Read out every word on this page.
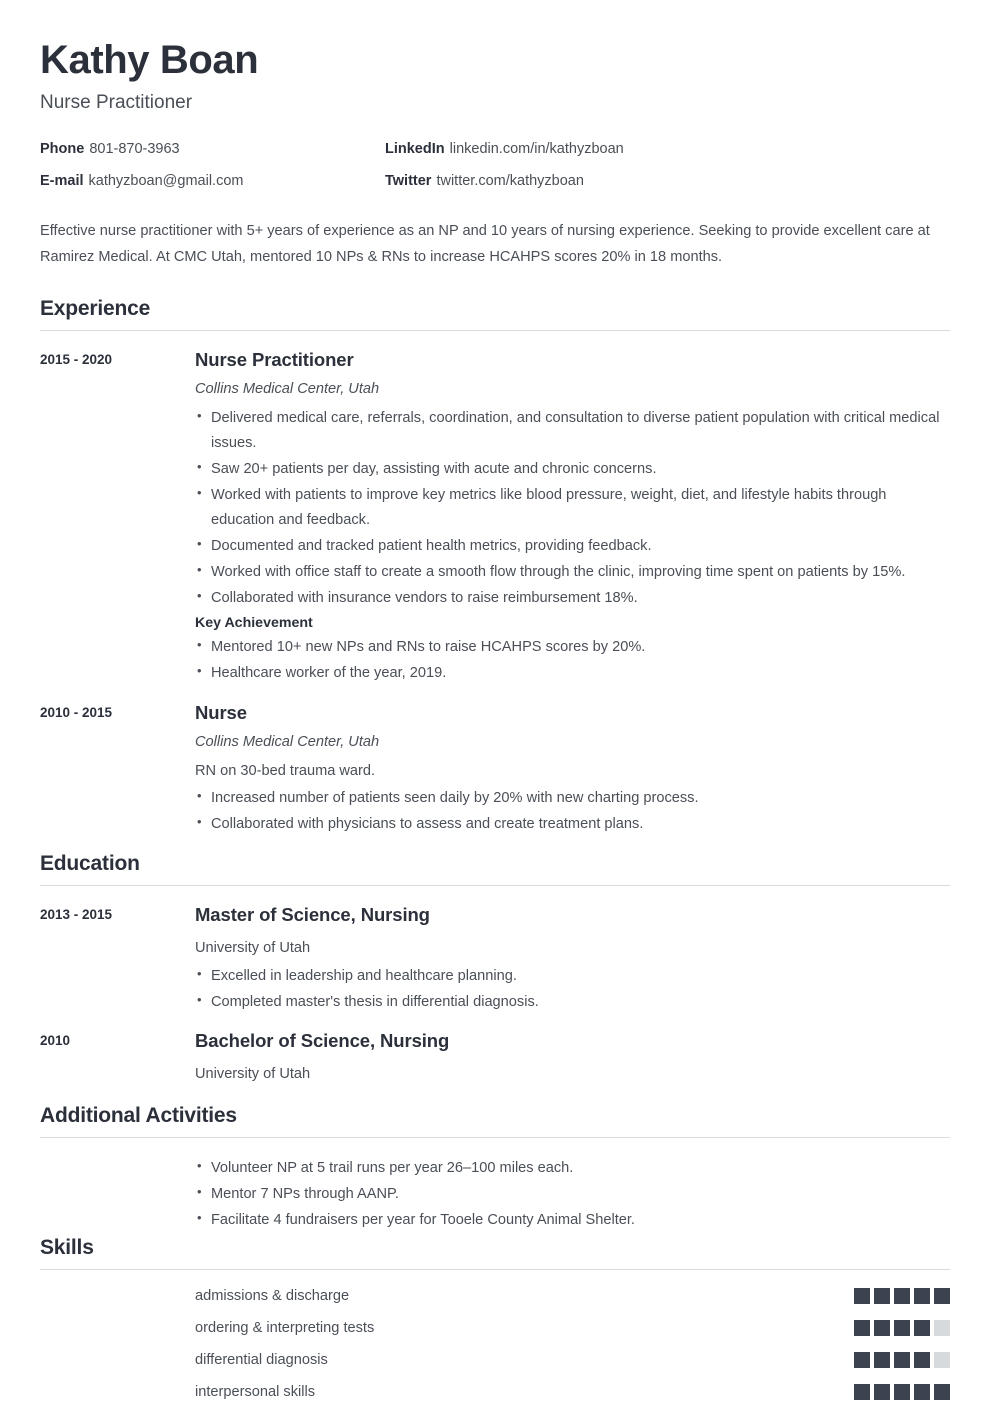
Kathy Boan
Nurse Practitioner
Phone 801-870-3963	LinkedIn linkedin.com/in/kathyzboan
E-mail kathyzboan@gmail.com	Twitter twitter.com/kathyzboan

Effective nurse practitioner with 5+ years of experience as an NP and 10 years of nursing experience. Seeking to provide excellent care at Ramirez Medical. At CMC Utah, mentored 10 NPs & RNs to increase HCAHPS scores 20% in 18 months.

Experience
2015 - 2020	Nurse Practitioner
Collins Medical Center, Utah
• Delivered medical care, referrals, coordination, and consultation to diverse patient population with critical medical issues.
• Saw 20+ patients per day, assisting with acute and chronic concerns.
• Worked with patients to improve key metrics like blood pressure, weight, diet, and lifestyle habits through education and feedback.
• Documented and tracked patient health metrics, providing feedback.
• Worked with office staff to create a smooth flow through the clinic, improving time spent on patients by 15%.
• Collaborated with insurance vendors to raise reimbursement 18%.
Key Achievement
• Mentored 10+ new NPs and RNs to raise HCAHPS scores by 20%.
• Healthcare worker of the year, 2019.
2010 - 2015	Nurse
Collins Medical Center, Utah
RN on 30-bed trauma ward.
• Increased number of patients seen daily by 20% with new charting process.
• Collaborated with physicians to assess and create treatment plans.
Education
2013 - 2015	Master of Science, Nursing
University of Utah
• Excelled in leadership and healthcare planning.
• Completed master's thesis in differential diagnosis.
2010	Bachelor of Science, Nursing
University of Utah
Additional Activities
• Volunteer NP at 5 trail runs per year 26–100 miles each.
• Mentor 7 NPs through AANP.
• Facilitate 4 fundraisers per year for Tooele County Animal Shelter.
Skills
admissions & discharge
ordering & interpreting tests
differential diagnosis
interpersonal skills
